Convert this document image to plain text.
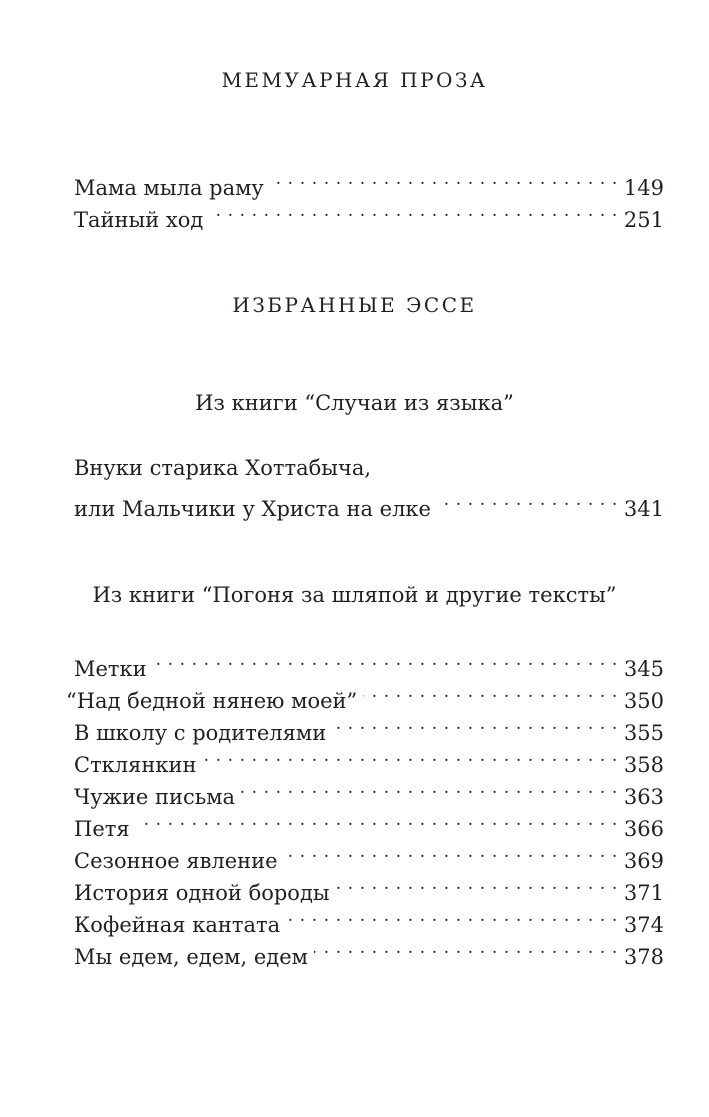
МЕМУАРНАЯ ПРОЗА
Мама мыла раму . . .	149
Тайный ход . . .	251
ИЗБРАННЫЕ ЭССЕ
Из книги “Случаи из языка”
Внуки старика Хоттабыча,
или Мальчики у Христа на елке . . .	341
Из книги “Погоня за шляпой и другие тексты”
Метки . . .	345
“Над бедной нянею моей” . . .	350
В школу с родителями . . .	355
Стклянкин . . .	358
Чужие письма . . .	363
Петя . . .	366
Сезонное явление . . .	369
История одной бороды . . .	371
Кофейная кантата . . .	374
Мы едем, едем, едем . . .	378
